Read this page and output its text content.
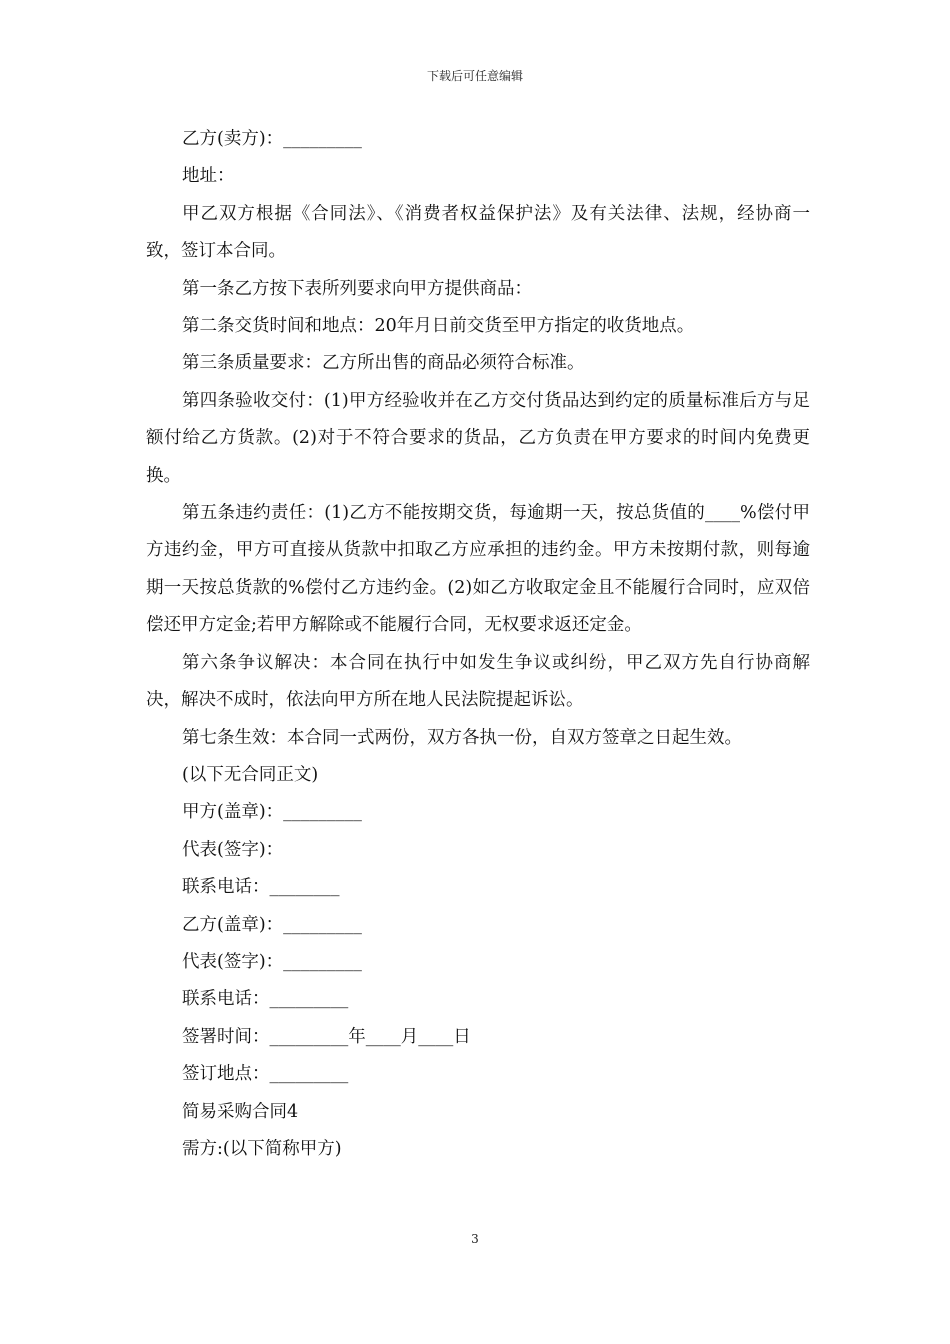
下载后可任意编辑

乙方(卖方)：_________

地址：

甲乙双方根据《合同法》、《消费者权益保护法》及有关法律、法规，经协商一致，签订本合同。

第一条乙方按下表所列要求向甲方提供商品：

第二条交货时间和地点：20年月日前交货至甲方指定的收货地点。

第三条质量要求：乙方所出售的商品必须符合标准。

第四条验收交付：(1)甲方经验收并在乙方交付货品达到约定的质量标准后方与足额付给乙方货款。(2)对于不符合要求的货品，乙方负责在甲方要求的时间内免费更换。

第五条违约责任：(1)乙方不能按期交货，每逾期一天，按总货值的____%偿付甲方违约金，甲方可直接从货款中扣取乙方应承担的违约金。甲方未按期付款，则每逾期一天按总货款的%偿付乙方违约金。(2)如乙方收取定金且不能履行合同时，应双倍偿还甲方定金;若甲方解除或不能履行合同，无权要求返还定金。

第六条争议解决：本合同在执行中如发生争议或纠纷，甲乙双方先自行协商解决，解决不成时，依法向甲方所在地人民法院提起诉讼。

第七条生效：本合同一式两份，双方各执一份，自双方签章之日起生效。

(以下无合同正文)

甲方(盖章)：_________

代表(签字)：

联系电话：________

乙方(盖章)：_________

代表(签字)：_________

联系电话：_________

签署时间：_________年____月____日

签订地点：_________

简易采购合同4

需方:(以下简称甲方)

3
